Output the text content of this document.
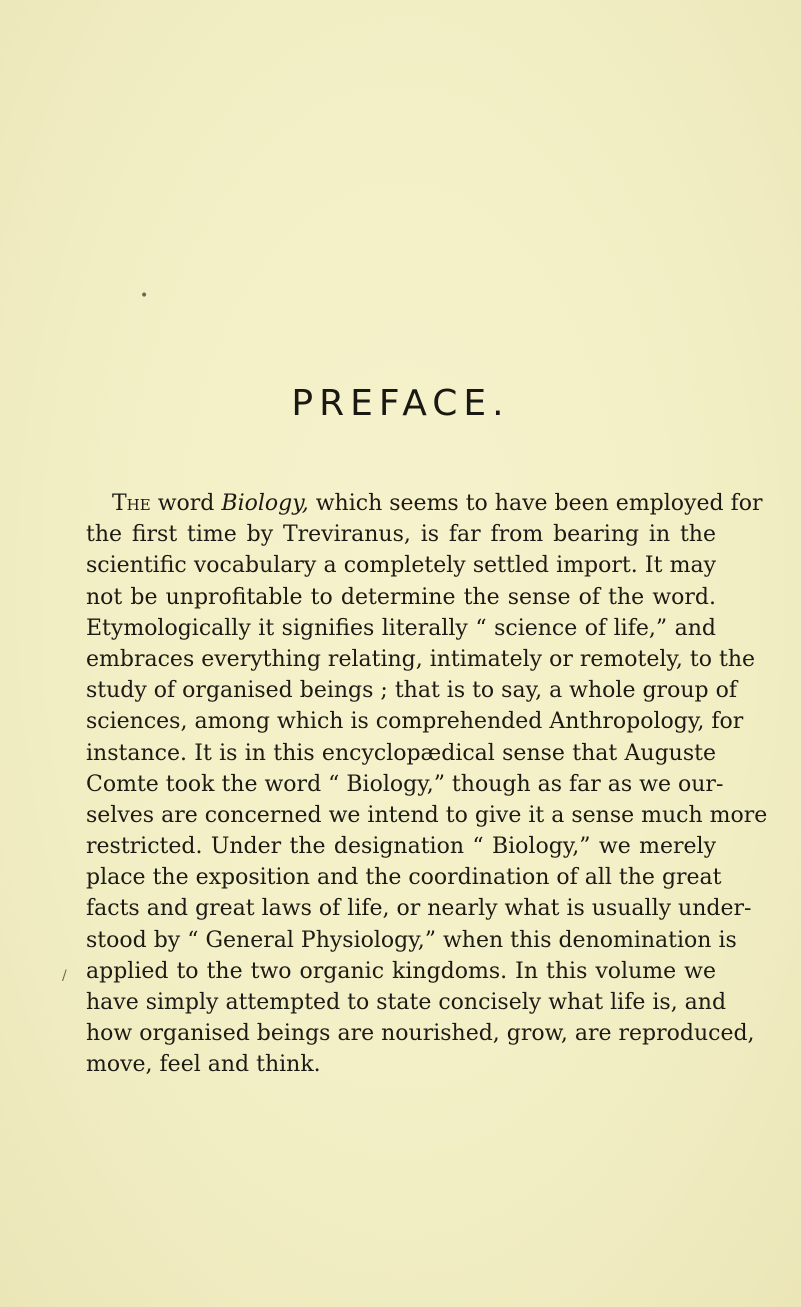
PREFACE.
The word Biology, which seems to have been employed for
the first time by Treviranus, is far from bearing in the
scientific vocabulary a completely settled import. It may
not be unprofitable to determine the sense of the word.
Etymologically it signifies literally “ science of life,” and
embraces everything relating, intimately or remotely, to the
study of organised beings ; that is to say, a whole group of
sciences, among which is comprehended Anthropology, for
instance. It is in this encyclopædical sense that Auguste
Comte took the word “ Biology,” though as far as we our-
selves are concerned we intend to give it a sense much more
restricted. Under the designation “ Biology,” we merely
place the exposition and the coordination of all the great
facts and great laws of life, or nearly what is usually under-
stood by “ General Physiology,” when this denomination is
applied to the two organic kingdoms. In this volume we
have simply attempted to state concisely what life is, and
how organised beings are nourished, grow, are reproduced,
move, feel and think.
•
/
